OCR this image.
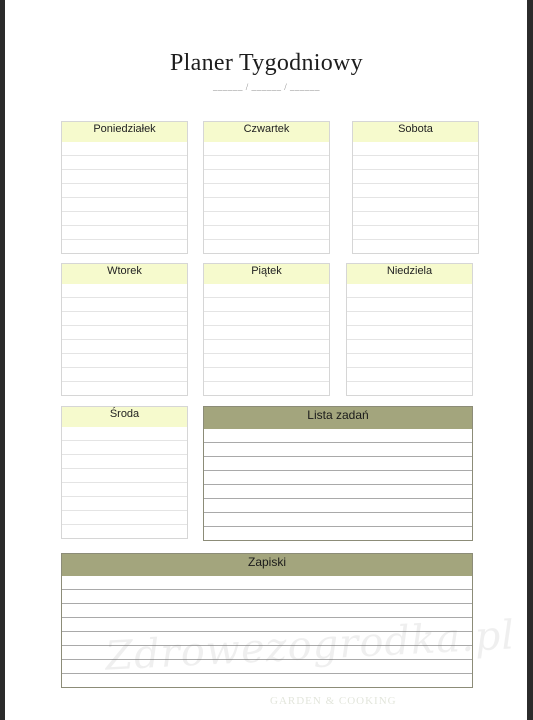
Planer Tygodniowy
______ / ______ / ______
Poniedziałek	Czwartek	Sobota
Wtorek	Piątek	Niedziela
Środa	Lista zadań
Zapiski
GARDEN & COOKING
